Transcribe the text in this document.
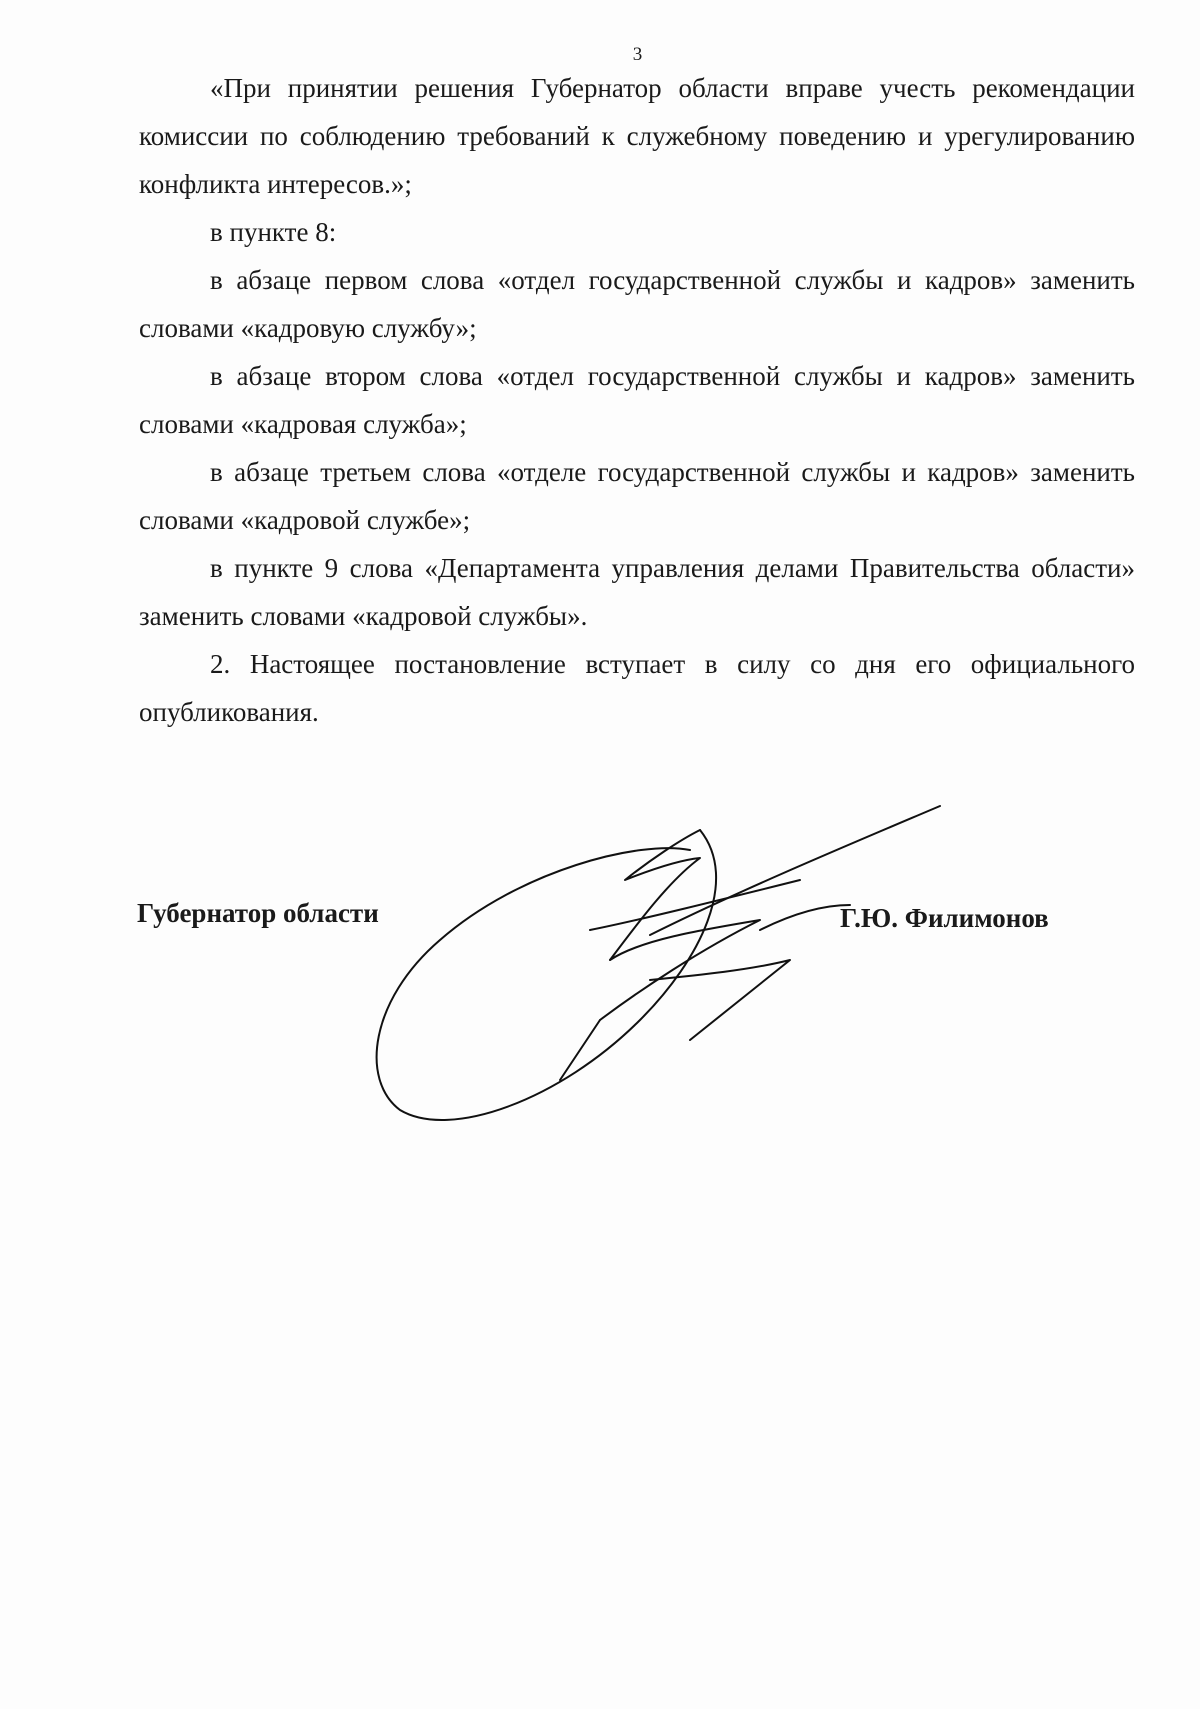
3

«При принятии решения Губернатор области вправе учесть рекомендации комиссии по соблюдению требований к служебному поведению и урегулированию конфликта интересов.»;

в пункте 8:

в абзаце первом слова «отдел государственной службы и кадров» заменить словами «кадровую службу»;

в абзаце втором слова «отдел государственной службы и кадров» заменить словами «кадровая служба»;

в абзаце третьем слова «отделе государственной службы и кадров» заменить словами «кадровой службе»;

в пункте 9 слова «Департамента управления делами Правительства области» заменить словами «кадровой службы».

2. Настоящее постановление вступает в силу со дня его официального опубликования.

Губернатор области	Г.Ю. Филимонов
